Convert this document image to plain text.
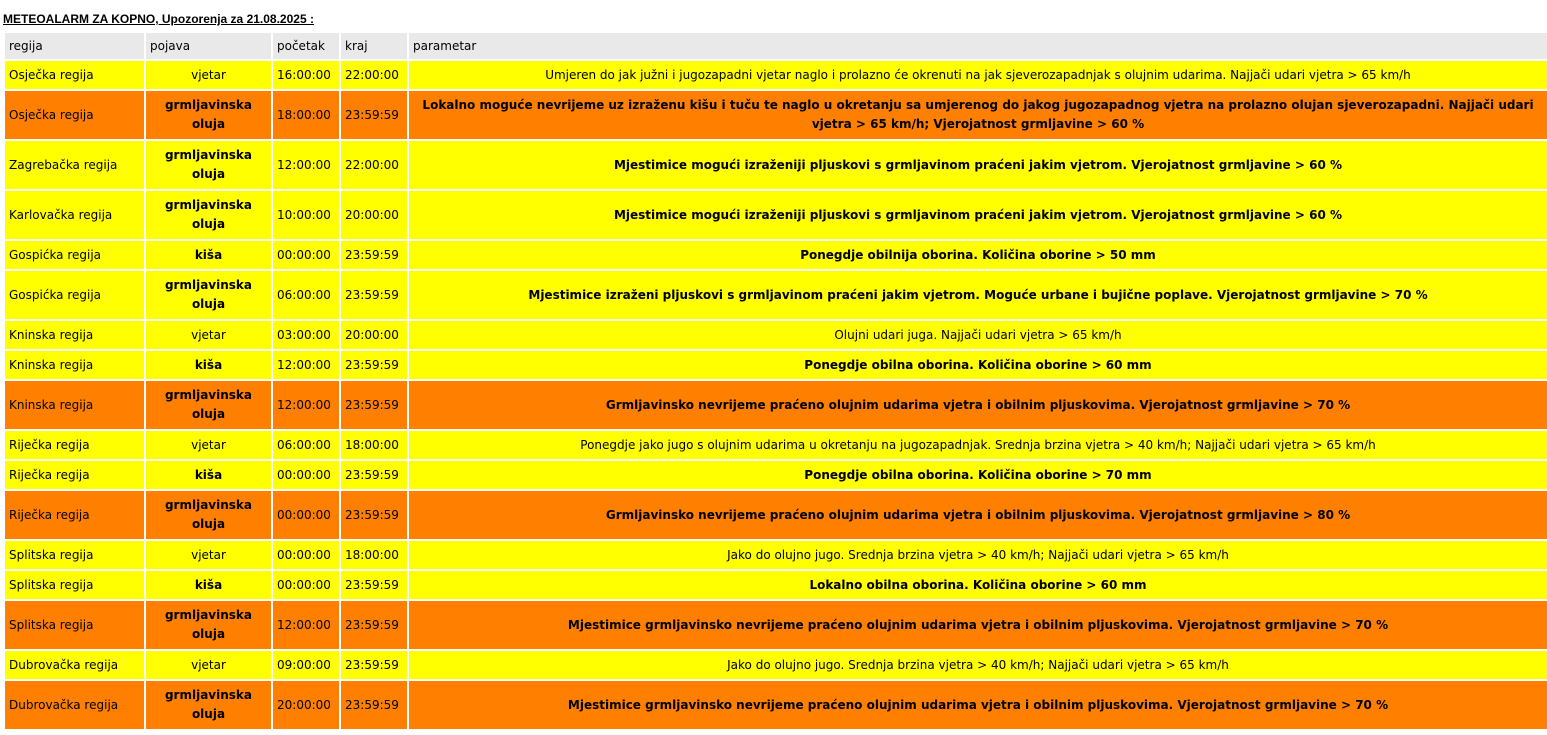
METEOALARM ZA KOPNO, Upozorenja za 21.08.2025 :
regija	pojava	početak	kraj	parametar
Osječka regija	vjetar	16:00:00	22:00:00	Umjeren do jak južni i jugozapadni vjetar naglo i prolazno će okrenuti na jak sjeverozapadnjak s olujnim udarima. Najjači udari vjetra > 65 km/h
Osječka regija	grmljavinska oluja	18:00:00	23:59:59	Lokalno moguće nevrijeme uz izraženu kišu i tuču te naglo u okretanju sa umjerenog do jakog jugozapadnog vjetra na prolazno olujan sjeverozapadni. Najjači udari vjetra > 65 km/h; Vjerojatnost grmljavine > 60 %
Zagrebačka regija	grmljavinska oluja	12:00:00	22:00:00	Mjestimice mogući izraženiji pljuskovi s grmljavinom praćeni jakim vjetrom. Vjerojatnost grmljavine > 60 %
Karlovačka regija	grmljavinska oluja	10:00:00	20:00:00	Mjestimice mogući izraženiji pljuskovi s grmljavinom praćeni jakim vjetrom. Vjerojatnost grmljavine > 60 %
Gospićka regija	kiša	00:00:00	23:59:59	Ponegdje obilnija oborina. Količina oborine > 50 mm
Gospićka regija	grmljavinska oluja	06:00:00	23:59:59	Mjestimice izraženi pljuskovi s grmljavinom praćeni jakim vjetrom. Moguće urbane i bujične poplave. Vjerojatnost grmljavine > 70 %
Kninska regija	vjetar	03:00:00	20:00:00	Olujni udari juga. Najjači udari vjetra > 65 km/h
Kninska regija	kiša	12:00:00	23:59:59	Ponegdje obilna oborina. Količina oborine > 60 mm
Kninska regija	grmljavinska oluja	12:00:00	23:59:59	Grmljavinsko nevrijeme praćeno olujnim udarima vjetra i obilnim pljuskovima. Vjerojatnost grmljavine > 70 %
Riječka regija	vjetar	06:00:00	18:00:00	Ponegdje jako jugo s olujnim udarima u okretanju na jugozapadnjak. Srednja brzina vjetra > 40 km/h; Najjači udari vjetra > 65 km/h
Riječka regija	kiša	00:00:00	23:59:59	Ponegdje obilna oborina. Količina oborine > 70 mm
Riječka regija	grmljavinska oluja	00:00:00	23:59:59	Grmljavinsko nevrijeme praćeno olujnim udarima vjetra i obilnim pljuskovima. Vjerojatnost grmljavine > 80 %
Splitska regija	vjetar	00:00:00	18:00:00	Jako do olujno jugo. Srednja brzina vjetra > 40 km/h; Najjači udari vjetra > 65 km/h
Splitska regija	kiša	00:00:00	23:59:59	Lokalno obilna oborina. Količina oborine > 60 mm
Splitska regija	grmljavinska oluja	12:00:00	23:59:59	Mjestimice grmljavinsko nevrijeme praćeno olujnim udarima vjetra i obilnim pljuskovima. Vjerojatnost grmljavine > 70 %
Dubrovačka regija	vjetar	09:00:00	23:59:59	Jako do olujno jugo. Srednja brzina vjetra > 40 km/h; Najjači udari vjetra > 65 km/h
Dubrovačka regija	grmljavinska oluja	20:00:00	23:59:59	Mjestimice grmljavinsko nevrijeme praćeno olujnim udarima vjetra i obilnim pljuskovima. Vjerojatnost grmljavine > 70 %
